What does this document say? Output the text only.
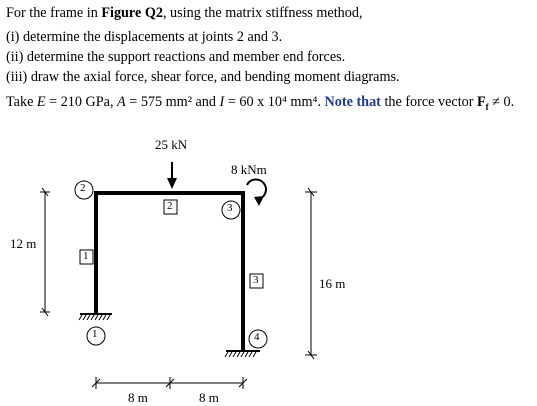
For the frame in Figure Q2, using the matrix stiffness method,
(i) determine the displacements at joints 2 and 3.
(ii) determine the support reactions and member end forces.
(iii) draw the axial force, shear force, and bending moment diagrams.
Take E = 210 GPa, A = 575 mm² and I = 60 x 10⁴ mm⁴. Note that the force vector $F_f \ne 0$.
25 kN
8 kNm
1
2
3
4
1
2
3
12 m
16 m
8 m	8 m
